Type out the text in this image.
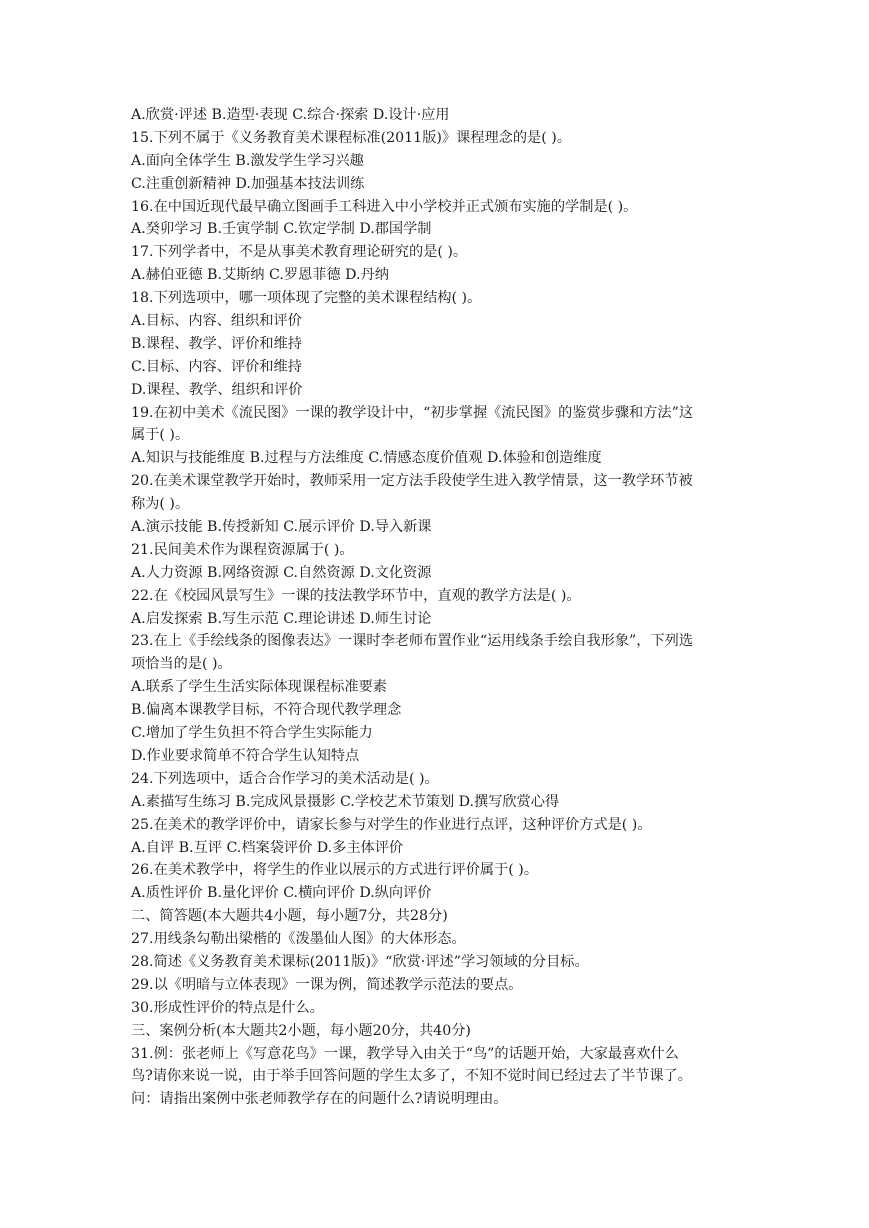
A.欣赏·评述 B.造型·表现 C.综合·探索 D.设计·应用
15.下列不属于《义务教育美术课程标准(2011版)》课程理念的是( )。
A.面向全体学生 B.激发学生学习兴趣
C.注重创新精神 D.加强基本技法训练
16.在中国近现代最早确立图画手工科进入中小学校并正式颁布实施的学制是( )。
A.癸卯学习 B.壬寅学制 C.钦定学制 D.郡国学制
17.下列学者中，不是从事美术教育理论研究的是( )。
A.赫伯亚德 B.艾斯纳 C.罗恩菲德 D.丹纳
18.下列选项中，哪一项体现了完整的美术课程结构( )。
A.目标、内容、组织和评价
B.课程、教学、评价和维持
C.目标、内容、评价和维持
D.课程、教学、组织和评价
19.在初中美术《流民图》一课的教学设计中，“初步掌握《流民图》的鉴赏步骤和方法”这
属于( )。
A.知识与技能维度 B.过程与方法维度 C.情感态度价值观 D.体验和创造维度
20.在美术课堂教学开始时，教师采用一定方法手段使学生进入教学情景，这一教学环节被
称为( )。
A.演示技能 B.传授新知 C.展示评价 D.导入新课
21.民间美术作为课程资源属于( )。
A.人力资源 B.网络资源 C.自然资源 D.文化资源
22.在《校园风景写生》一课的技法教学环节中，直观的教学方法是( )。
A.启发探索 B.写生示范 C.理论讲述 D.师生讨论
23.在上《手绘线条的图像表达》一课时李老师布置作业“运用线条手绘自我形象”，下列选
项恰当的是( )。
A.联系了学生生活实际体现课程标准要素
B.偏离本课教学目标，不符合现代教学理念
C.增加了学生负担不符合学生实际能力
D.作业要求简单不符合学生认知特点
24.下列选项中，适合合作学习的美术活动是( )。
A.素描写生练习 B.完成风景摄影 C.学校艺术节策划 D.撰写欣赏心得
25.在美术的教学评价中，请家长参与对学生的作业进行点评，这种评价方式是( )。
A.自评 B.互评 C.档案袋评价 D.多主体评价
26.在美术教学中，将学生的作业以展示的方式进行评价属于( )。
A.质性评价 B.量化评价 C.横向评价 D.纵向评价
二、简答题(本大题共4小题，每小题7分，共28分)
27.用线条勾勒出梁楷的《泼墨仙人图》的大体形态。
28.简述《义务教育美术课标(2011版)》“欣赏·评述”学习领域的分目标。
29.以《明暗与立体表现》一课为例，简述教学示范法的要点。
30.形成性评价的特点是什么。
三、案例分析(本大题共2小题，每小题20分，共40分)
31.例：张老师上《写意花鸟》一课，教学导入由关于“鸟”的话题开始，大家最喜欢什么
鸟?请你来说一说，由于举手回答问题的学生太多了，不知不觉时间已经过去了半节课了。
问：请指出案例中张老师教学存在的问题什么?请说明理由。
